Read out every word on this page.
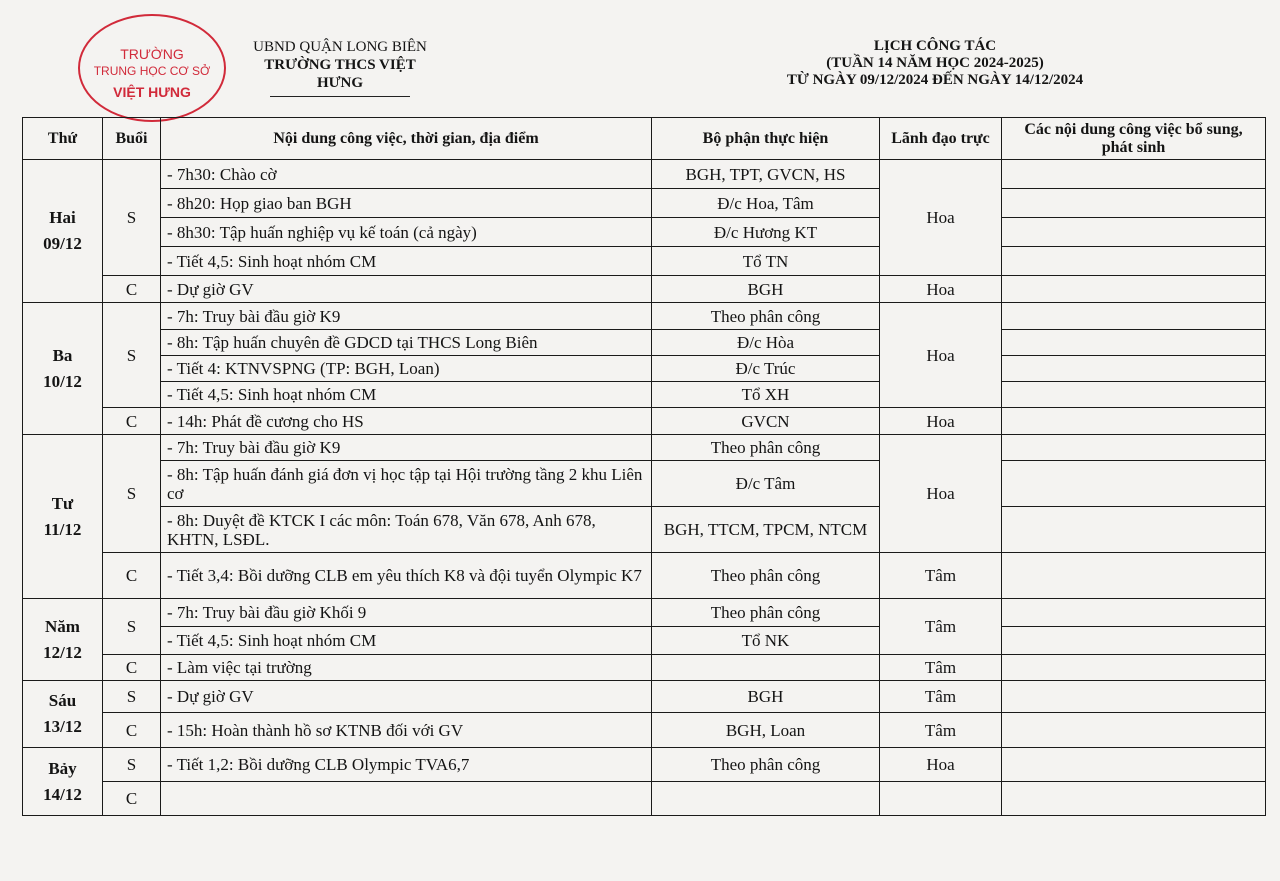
TRƯỜNG
TRUNG HỌC CƠ SỞ
VIỆT HƯNG
UBND QUẬN LONG BIÊN
TRƯỜNG THCS VIỆT HƯNG
LỊCH CÔNG TÁC
(TUẦN 14 NĂM HỌC 2024-2025)
TỪ NGÀY 09/12/2024 ĐẾN NGÀY 14/12/2024
Thứ	Buổi	Nội dung công việc, thời gian, địa điểm	Bộ phận thực hiện	Lãnh đạo trực	Các nội dung công việc bổ sung, phát sinh

Hai
09/12	S	- 7h30: Chào cờ	BGH, TPT, GVCN, HS	Hoa	
		- 8h20: Họp giao ban BGH	Đ/c Hoa, Tâm		
		- 8h30: Tập huấn nghiệp vụ kế toán (cả ngày)	Đ/c Hương KT		
		- Tiết 4,5: Sinh hoạt nhóm CM	Tổ TN		
	C	- Dự giờ GV	BGH	Hoa	

Ba
10/12	S	- 7h: Truy bài đầu giờ K9	Theo phân công	Hoa	
		- 8h: Tập huấn chuyên đề GDCD tại THCS Long Biên	Đ/c Hòa		
		- Tiết 4: KTNVSPNG (TP: BGH, Loan)	Đ/c Trúc		
		- Tiết 4,5: Sinh hoạt nhóm CM	Tổ XH		
	C	- 14h: Phát đề cương cho HS	GVCN	Hoa	

Tư
11/12	S	- 7h: Truy bài đầu giờ K9	Theo phân công	Hoa	
		- 8h: Tập huấn đánh giá đơn vị học tập tại Hội trường tầng 2 khu Liên cơ	Đ/c Tâm		
		- 8h: Duyệt đề KTCK I các môn: Toán 678, Văn 678, Anh 678, KHTN, LSĐL.	BGH, TTCM, TPCM, NTCM		
	C	- Tiết 3,4: Bồi dưỡng CLB em yêu thích K8 và đội tuyển Olympic K7	Theo phân công	Tâm	

Năm
12/12	S	- 7h: Truy bài đầu giờ Khối 9	Theo phân công	Tâm	
		- Tiết 4,5: Sinh hoạt nhóm CM	Tổ NK		
	C	- Làm việc tại trường		Tâm	

Sáu
13/12	S	- Dự giờ GV	BGH	Tâm	
	C	- 15h: Hoàn thành hồ sơ KTNB đối với GV	BGH, Loan	Tâm	

Bảy
14/12	S	- Tiết 1,2: Bồi dưỡng CLB Olympic TVA6,7	Theo phân công	Hoa	
	C				
